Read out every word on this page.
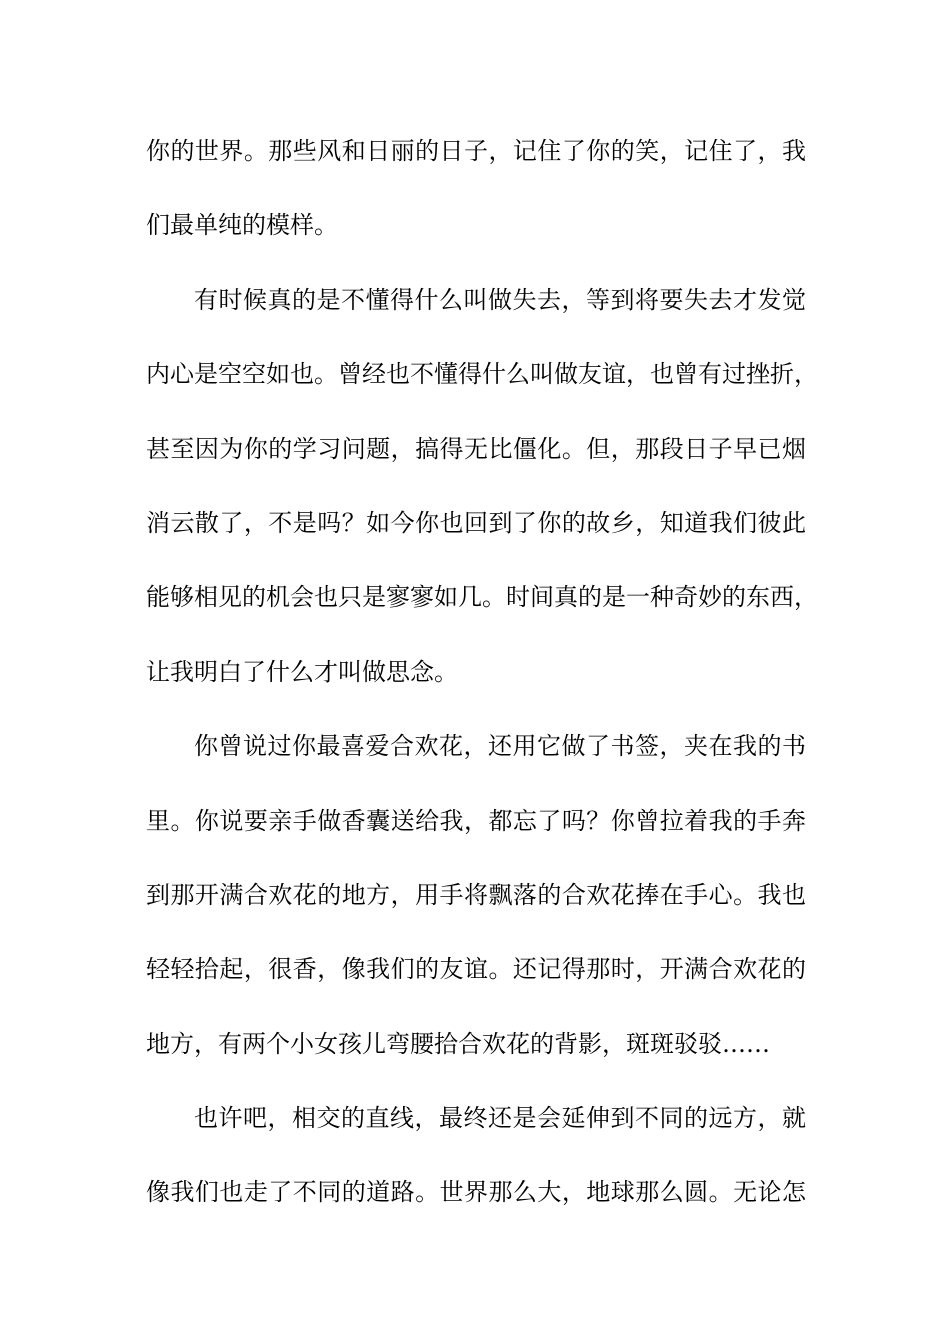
你的世界。那些风和日丽的日子，记住了你的笑，记住了，我
们最单纯的模样。
有时候真的是不懂得什么叫做失去，等到将要失去才发觉
内心是空空如也。曾经也不懂得什么叫做友谊，也曾有过挫折，
甚至因为你的学习问题，搞得无比僵化。但，那段日子早已烟
消云散了，不是吗？如今你也回到了你的故乡，知道我们彼此
能够相见的机会也只是寥寥如几。时间真的是一种奇妙的东西，
让我明白了什么才叫做思念。
你曾说过你最喜爱合欢花，还用它做了书签，夹在我的书
里。你说要亲手做香囊送给我，都忘了吗？你曾拉着我的手奔
到那开满合欢花的地方，用手将飘落的合欢花捧在手心。我也
轻轻拾起，很香，像我们的友谊。还记得那时，开满合欢花的
地方，有两个小女孩儿弯腰拾合欢花的背影，斑斑驳驳……
也许吧，相交的直线，最终还是会延伸到不同的远方，就
像我们也走了不同的道路。世界那么大，地球那么圆。无论怎
